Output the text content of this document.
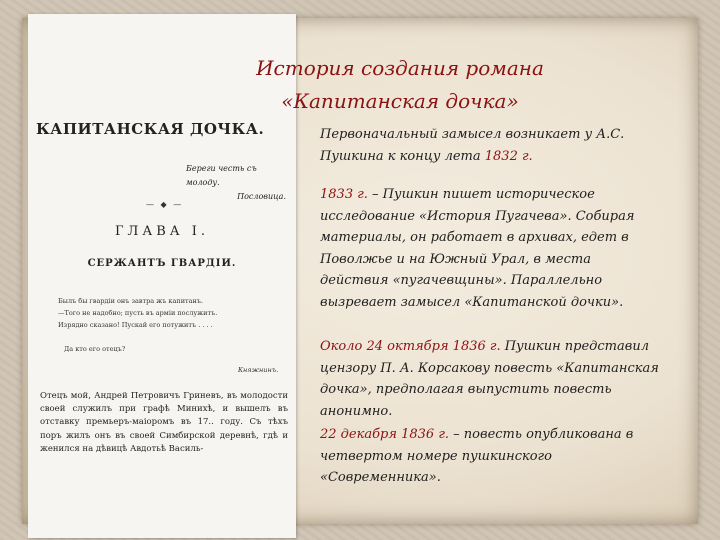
КАПИТАНСКАЯ ДОЧКА.
Береги честь съ молоду.
Пословица.
— ◆ —
ГЛАВА I.
СЕРЖАНТЪ ГВАРДІИ.
Былъ бы гвардіи онъ завтра жъ капитанъ.
—Того не надобно; пусть въ армiи послужитъ.
Изрядно сказано! Пускай его потужитъ . . . .
Да кто его отецъ?
Княжнинъ.
Отецъ мой, Андрей Петровичъ Гриневъ, въ молодости своей служилъ при графѣ Минихѣ, и вышелъ въ отставку премьеръ-маіоромъ въ 17.. году. Съ тѣхъ поръ жилъ онъ въ своей Симбирской деревнѣ, гдѣ и женился на дѣвицѣ Авдотьѣ Василь-
История создания романа
«Капитанская дочка»
Первоначальный замысел возникает у А.С. Пушкина к концу лета 1832 г.
1833 г. – Пушкин пишет историческое исследование «История Пугачева». Собирая материалы, он работает в архивах, едет в Поволжье и на Южный Урал, в места действия «пугачевщины». Параллельно вызревает замысел «Капитанской дочки».
Около 24 октября 1836 г. Пушкин представил цензору П. А. Корсакову повесть «Капитанская дочка», предполагая выпустить повесть анонимно.
22 декабря 1836 г. – повесть опубликована в четвертом номере пушкинского «Современника».
